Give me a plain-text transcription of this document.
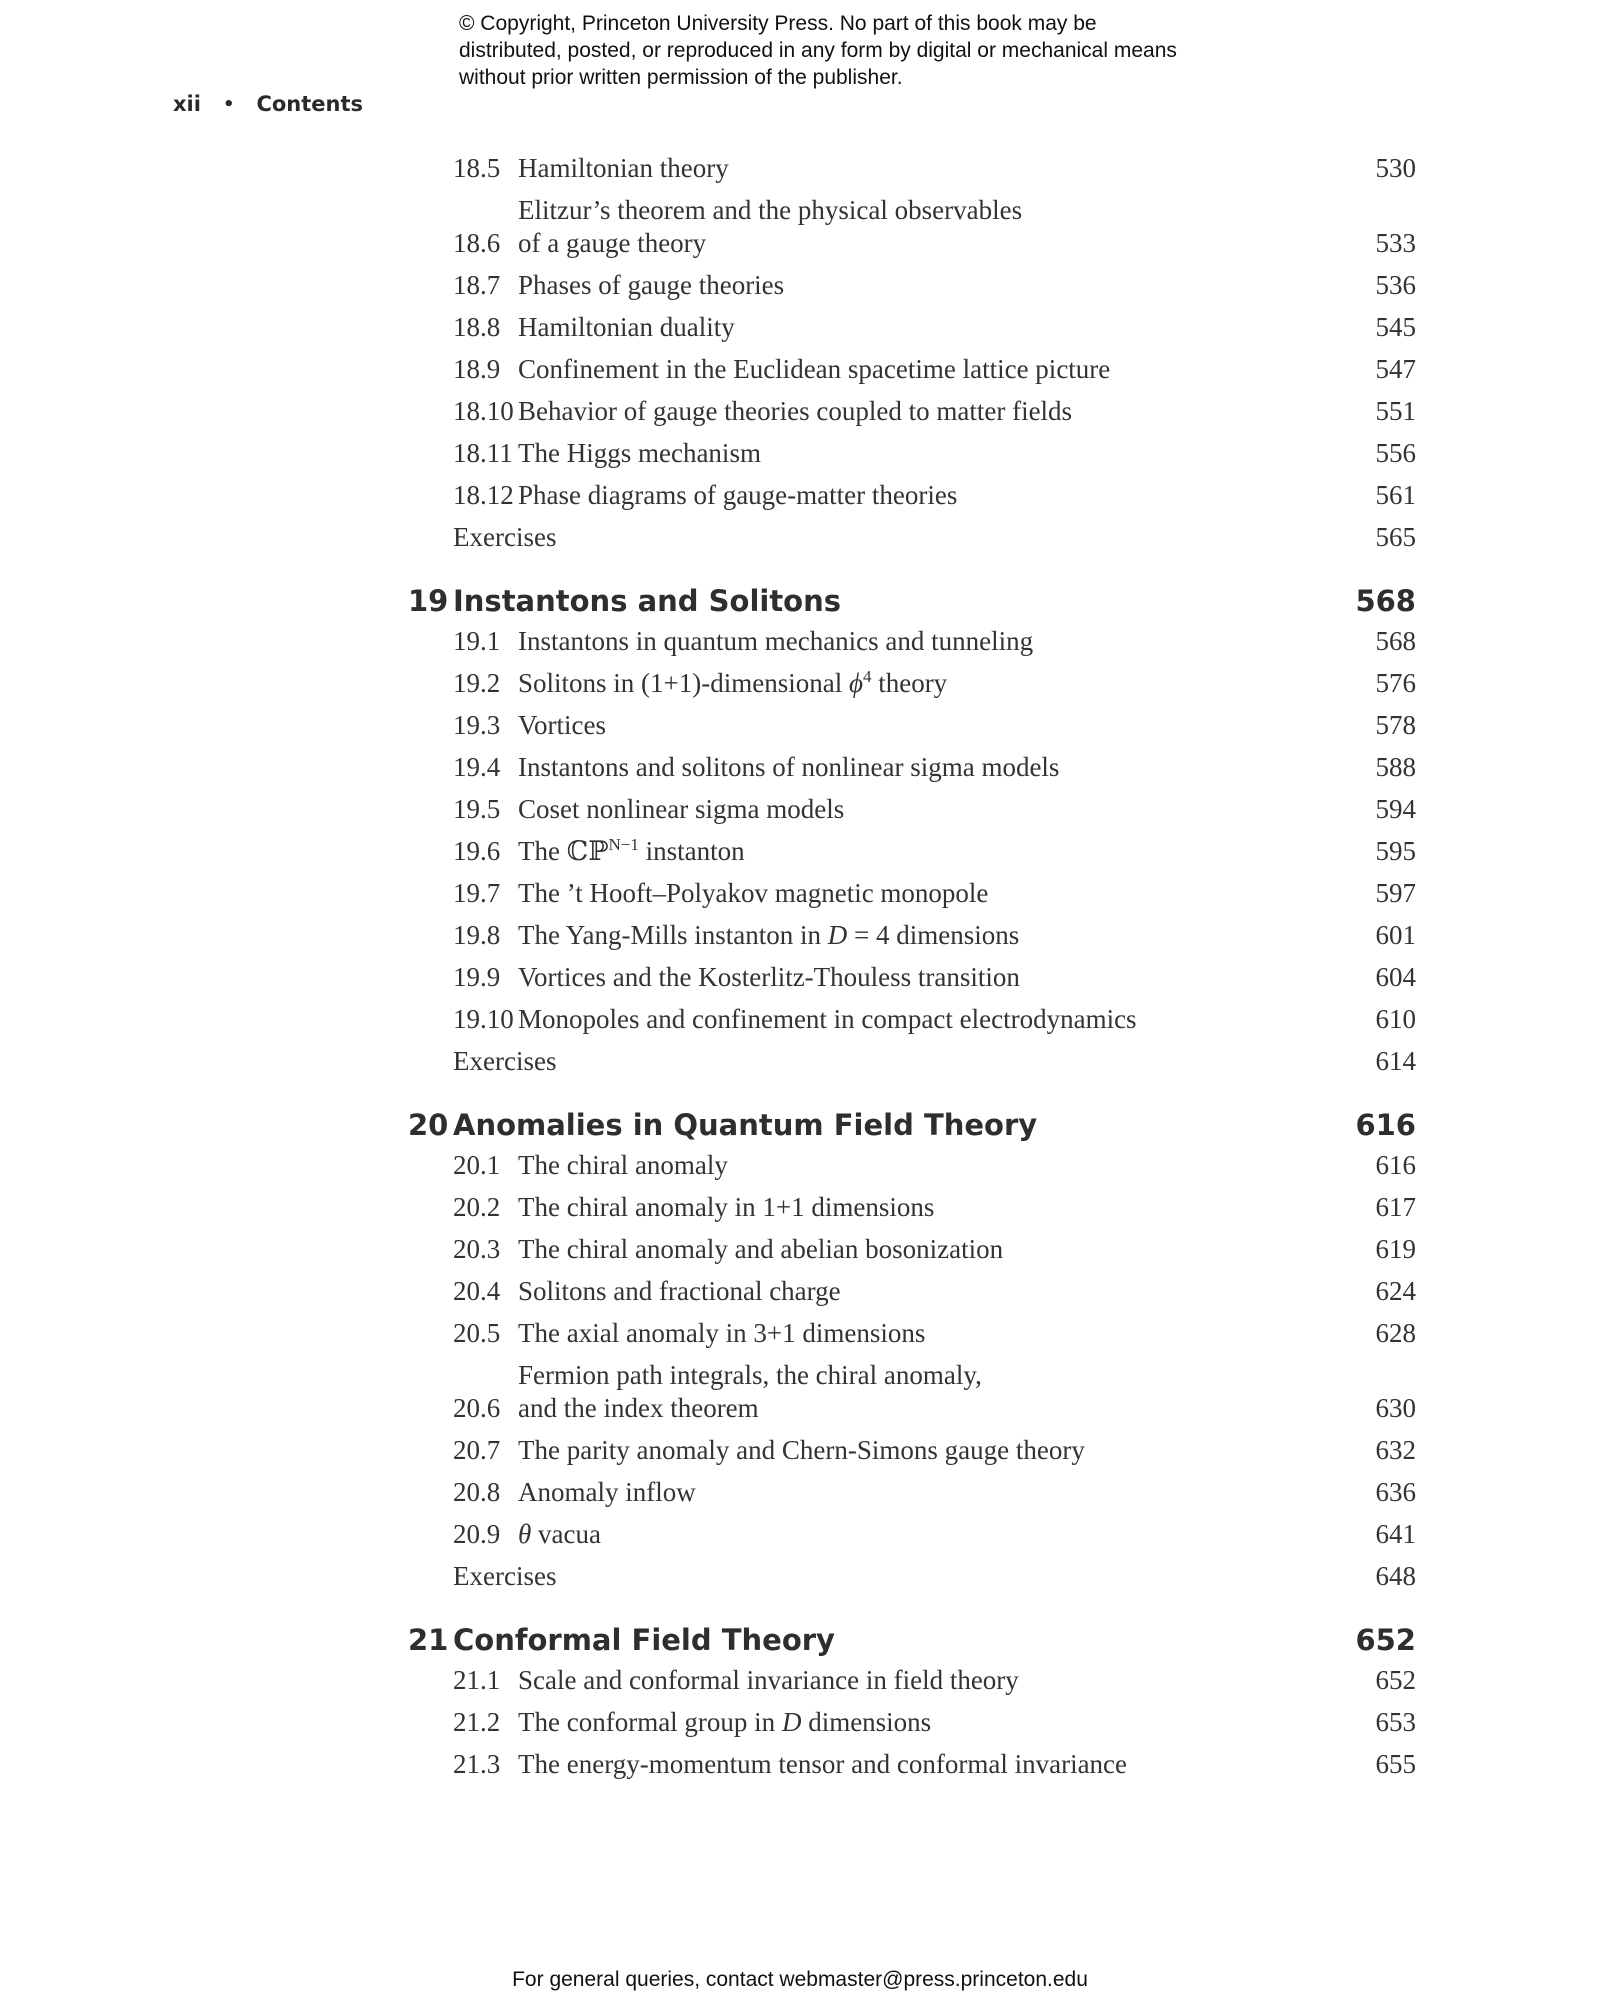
© Copyright, Princeton University Press. No part of this book may be distributed, posted, or reproduced in any form by digital or mechanical means without prior written permission of the publisher.
xii • Contents
18.5 Hamiltonian theory	530
18.6
Elitzur’s theorem and the physical observables
of a gauge theory	533
18.7 Phases of gauge theories	536
18.8 Hamiltonian duality	545
18.9 Confinement in the Euclidean spacetime lattice picture	547
18.10 Behavior of gauge theories coupled to matter fields	551
18.11 The Higgs mechanism	556
18.12 Phase diagrams of gauge-matter theories	561
Exercises	565
19 Instantons and Solitons	568
19.1 Instantons in quantum mechanics and tunneling	568
19.2 Solitons in (1+1)-dimensional $\phi^4$ theory	576
19.3 Vortices	578
19.4 Instantons and solitons of nonlinear sigma models	588
19.5 Coset nonlinear sigma models	594
19.6 The ℂℙ$^{N-1}$ instanton	595
19.7 The ’t Hooft–Polyakov magnetic monopole	597
19.8 The Yang-Mills instanton in D = 4 dimensions	601
19.9 Vortices and the Kosterlitz-Thouless transition	604
19.10 Monopoles and confinement in compact electrodynamics	610
Exercises	614
20 Anomalies in Quantum Field Theory	616
20.1 The chiral anomaly	616
20.2 The chiral anomaly in 1+1 dimensions	617
20.3 The chiral anomaly and abelian bosonization	619
20.4 Solitons and fractional charge	624
20.5 The axial anomaly in 3+1 dimensions	628
20.6
Fermion path integrals, the chiral anomaly,
and the index theorem	630
20.7 The parity anomaly and Chern-Simons gauge theory	632
20.8 Anomaly inflow	636
20.9 θ vacua	641
Exercises	648
21 Conformal Field Theory	652
21.1 Scale and conformal invariance in field theory	652
21.2 The conformal group in D dimensions	653
21.3 The energy-momentum tensor and conformal invariance	655
For general queries, contact webmaster@press.princeton.edu
